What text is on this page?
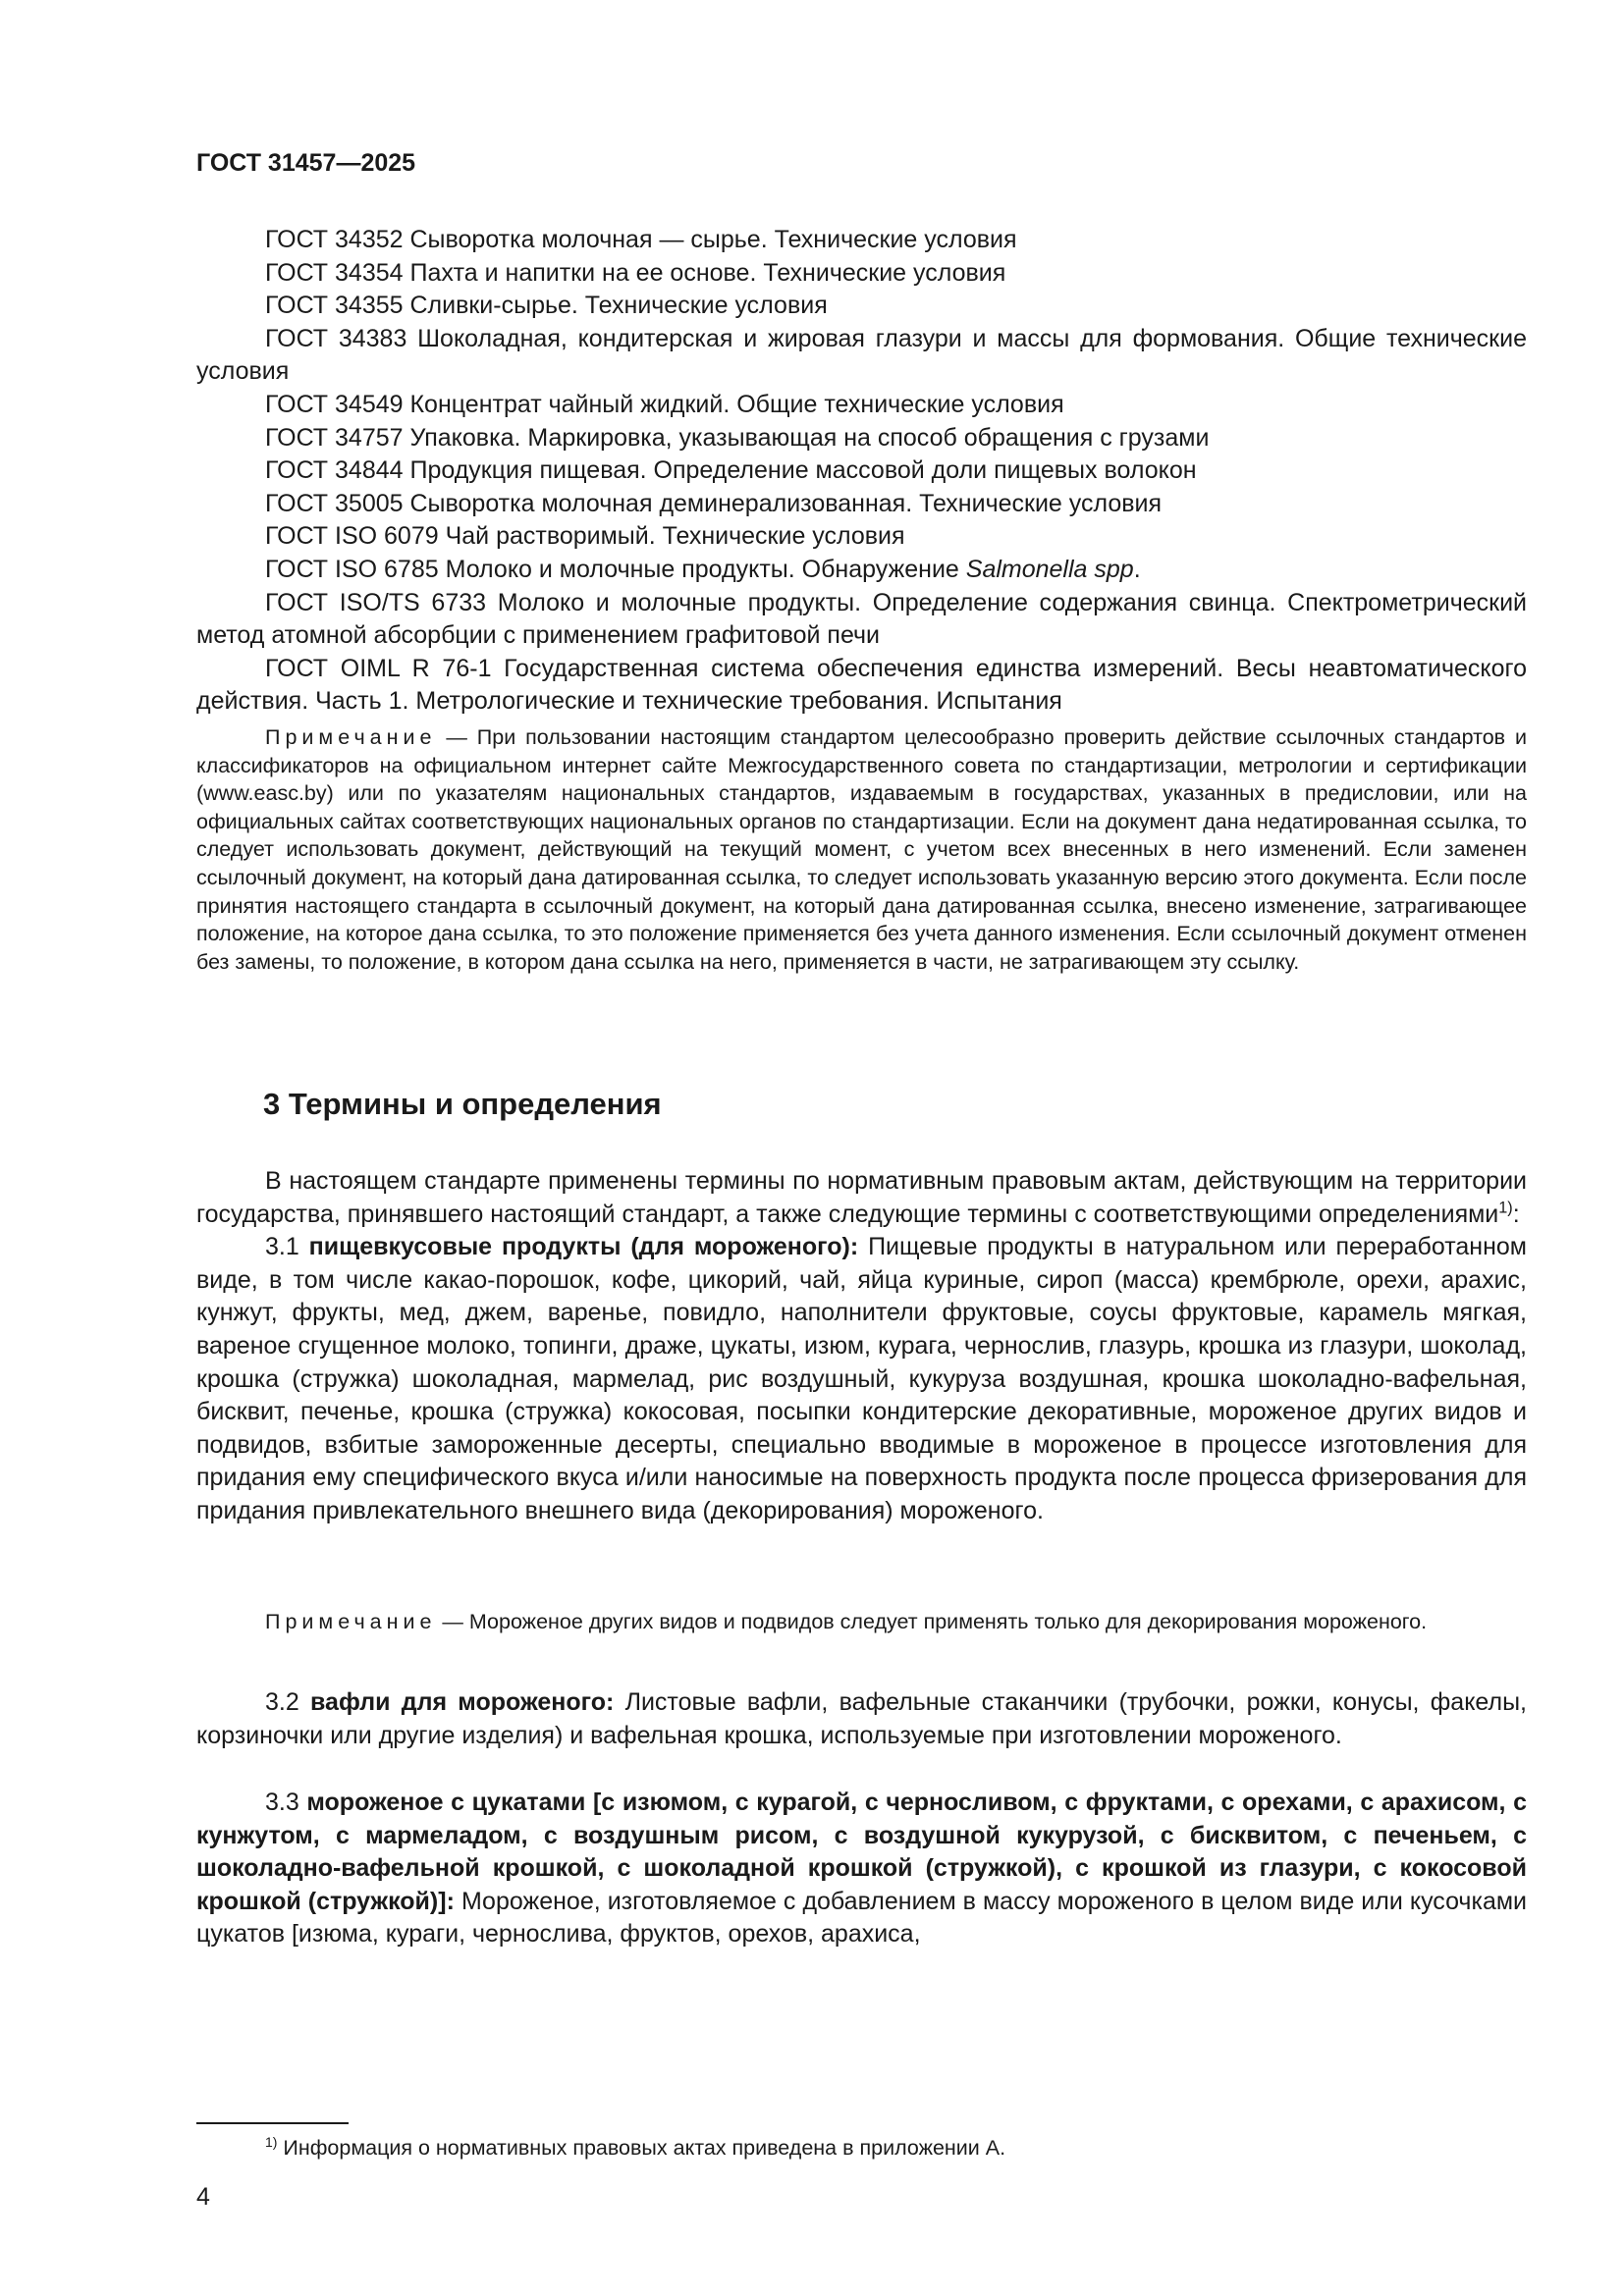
ГОСТ 31457—2025

ГОСТ 34352 Сыворотка молочная — сырье. Технические условия

ГОСТ 34354 Пахта и напитки на ее основе. Технические условия

ГОСТ 34355 Сливки-сырье. Технические условия

ГОСТ 34383 Шоколадная, кондитерская и жировая глазури и массы для формования. Общие технические условия

ГОСТ 34549 Концентрат чайный жидкий. Общие технические условия

ГОСТ 34757 Упаковка. Маркировка, указывающая на способ обращения с грузами

ГОСТ 34844 Продукция пищевая. Определение массовой доли пищевых волокон

ГОСТ 35005 Сыворотка молочная деминерализованная. Технические условия

ГОСТ ISO 6079 Чай растворимый. Технические условия

ГОСТ ISO 6785 Молоко и молочные продукты. Обнаружение Salmonella spp.

ГОСТ ISO/TS 6733 Молоко и молочные продукты. Определение содержания свинца. Спектрометрический метод атомной абсорбции с применением графитовой печи

ГОСТ OIML R 76-1 Государственная система обеспечения единства измерений. Весы неавтоматического действия. Часть 1. Метрологические и технические требования. Испытания

Примечание — При пользовании настоящим стандартом целесообразно проверить действие ссылочных стандартов и классификаторов на официальном интернет сайте Межгосударственного совета по стандартизации, метрологии и сертификации (www.easc.by) или по указателям национальных стандартов, издаваемым в государствах, указанных в предисловии, или на официальных сайтах соответствующих национальных органов по стандартизации. Если на документ дана недатированная ссылка, то следует использовать документ, действующий на текущий момент, с учетом всех внесенных в него изменений. Если заменен ссылочный документ, на который дана датированная ссылка, то следует использовать указанную версию этого документа. Если после принятия настоящего стандарта в ссылочный документ, на который дана датированная ссылка, внесено изменение, затрагивающее положение, на которое дана ссылка, то это положение применяется без учета данного изменения. Если ссылочный документ отменен без замены, то положение, в котором дана ссылка на него, применяется в части, не затрагивающем эту ссылку.

3 Термины и определения

В настоящем стандарте применены термины по нормативным правовым актам, действующим на территории государства, принявшего настоящий стандарт, а также следующие термины с соответствующими определениями$^{1)}$:

3.1 пищевкусовые продукты (для мороженого): Пищевые продукты в натуральном или переработанном виде, в том числе какао-порошок, кофе, цикорий, чай, яйца куриные, сироп (масса) крембрюле, орехи, арахис, кунжут, фрукты, мед, джем, варенье, повидло, наполнители фруктовые, соусы фруктовые, карамель мягкая, вареное сгущенное молоко, топинги, драже, цукаты, изюм, курага, чернослив, глазурь, крошка из глазури, шоколад, крошка (стружка) шоколадная, мармелад, рис воздушный, кукуруза воздушная, крошка шоколадно-вафельная, бисквит, печенье, крошка (стружка) кокосовая, посыпки кондитерские декоративные, мороженое других видов и подвидов, взбитые замороженные десерты, специально вводимые в мороженое в процессе изготовления для придания ему специфического вкуса и/или наносимые на поверхность продукта после процесса фризерования для придания привлекательного внешнего вида (декорирования) мороженого.

Примечание — Мороженое других видов и подвидов следует применять только для декорирования мороженого.

3.2 вафли для мороженого: Листовые вафли, вафельные стаканчики (трубочки, рожки, конусы, факелы, корзиночки или другие изделия) и вафельная крошка, используемые при изготовлении мороженого.

3.3 мороженое с цукатами [с изюмом, с курагой, с черносливом, с фруктами, с орехами, с арахисом, с кунжутом, с мармеладом, с воздушным рисом, с воздушной кукурузой, с бисквитом, с печеньем, с шоколадно-вафельной крошкой, с шоколадной крошкой (стружкой), с крошкой из глазури, с кокосовой крошкой (стружкой)]: Мороженое, изготовляемое с добавлением в массу мороженого в целом виде или кусочками цукатов [изюма, кураги, чернослива, фруктов, орехов, арахиса,

$^{1)}$ Информация о нормативных правовых актах приведена в приложении А.
4
